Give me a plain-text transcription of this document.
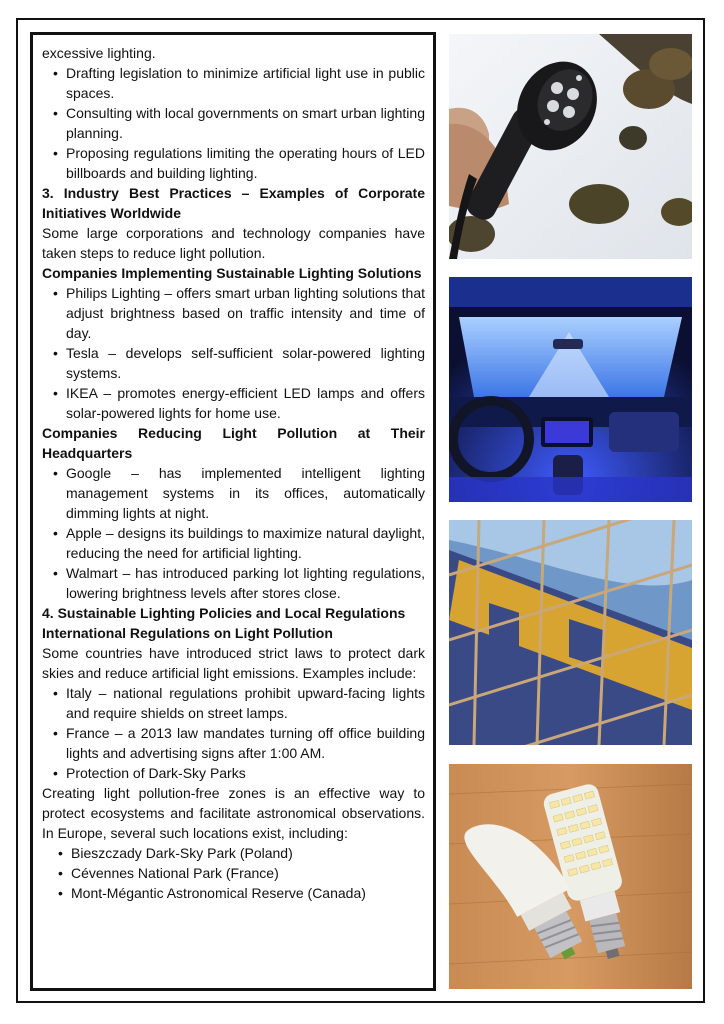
excessive lighting.

• Drafting legislation to minimize artificial light use in public spaces.
• Consulting with local governments on smart urban lighting planning.
• Proposing regulations limiting the operating hours of LED billboards and building lighting.
3. Industry Best Practices – Examples of Corporate Initiatives Worldwide

Some large corporations and technology companies have taken steps to reduce light pollution.

Companies Implementing Sustainable Lighting Solutions
• Philips Lighting – offers smart urban lighting solutions that adjust brightness based on traffic intensity and time of day.
• Tesla – develops self-sufficient solar-powered lighting systems.
• IKEA – promotes energy-efficient LED lamps and offers solar-powered lights for home use.
Companies Reducing Light Pollution at Their Headquarters
• Google – has implemented intelligent lighting management systems in its offices, automatically dimming lights at night.
• Apple – designs its buildings to maximize natural daylight, reducing the need for artificial lighting.
• Walmart – has introduced parking lot lighting regulations, lowering brightness levels after stores close.
4. Sustainable Lighting Policies and Local Regulations
International Regulations on Light Pollution

Some countries have introduced strict laws to protect dark skies and reduce artificial light emissions. Examples include:

• Italy – national regulations prohibit upward-facing lights and require shields on street lamps.
• France – a 2013 law mandates turning off office building lights and advertising signs after 1:00 AM.
• Protection of Dark-Sky Parks

Creating light pollution-free zones is an effective way to protect ecosystems and facilitate astronomical observations. In Europe, several such locations exist, including:

• Bieszczady Dark-Sky Park (Poland)
• Cévennes National Park (France)
• Mont-Mégantic Astronomical Reserve (Canada)
